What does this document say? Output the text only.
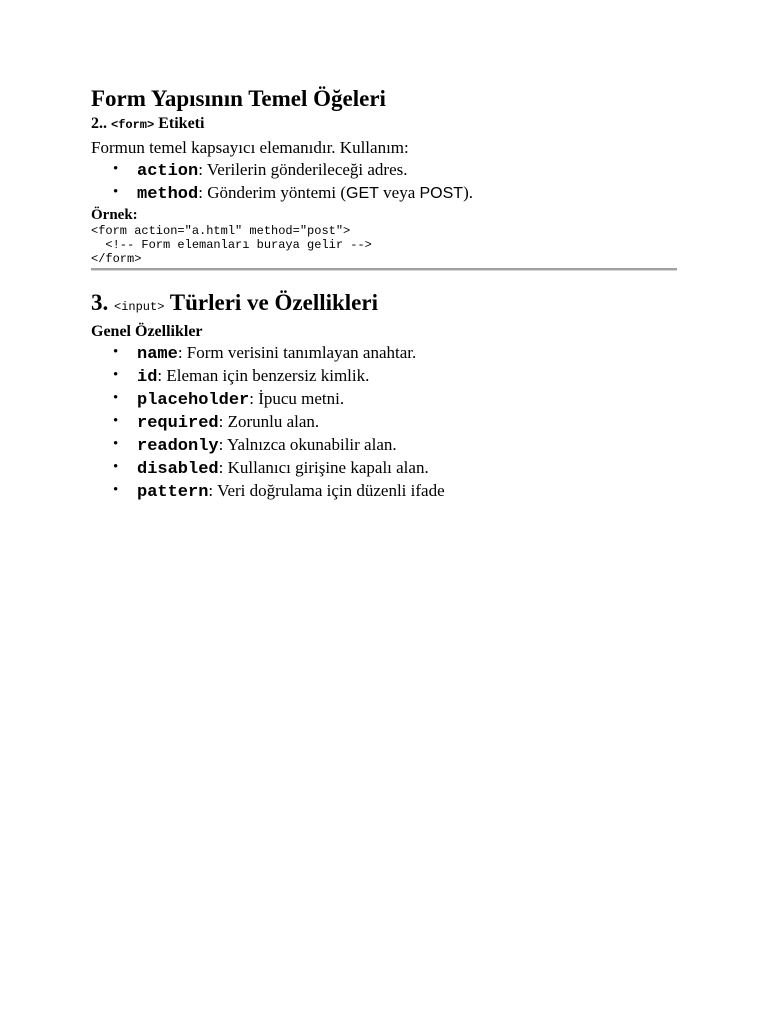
Form Yapısının Temel Öğeleri
2.. <form> Etiketi

Formun temel kapsayıcı elemanıdır. Kullanım:

• action: Verilerin gönderileceği adres.
• method: Gönderim yöntemi (GET veya POST).
Örnek:
<form action="a.html" method="post">
<!-- Form elemanları buraya gelir -->
</form>
3. <input> Türleri ve Özellikleri
Genel Özellikler
• name: Form verisini tanımlayan anahtar.
• id: Eleman için benzersiz kimlik.
• placeholder: İpucu metni.
• required: Zorunlu alan.
• readonly: Yalnızca okunabilir alan.
• disabled: Kullanıcı girişine kapalı alan.
• pattern: Veri doğrulama için düzenli ifade
